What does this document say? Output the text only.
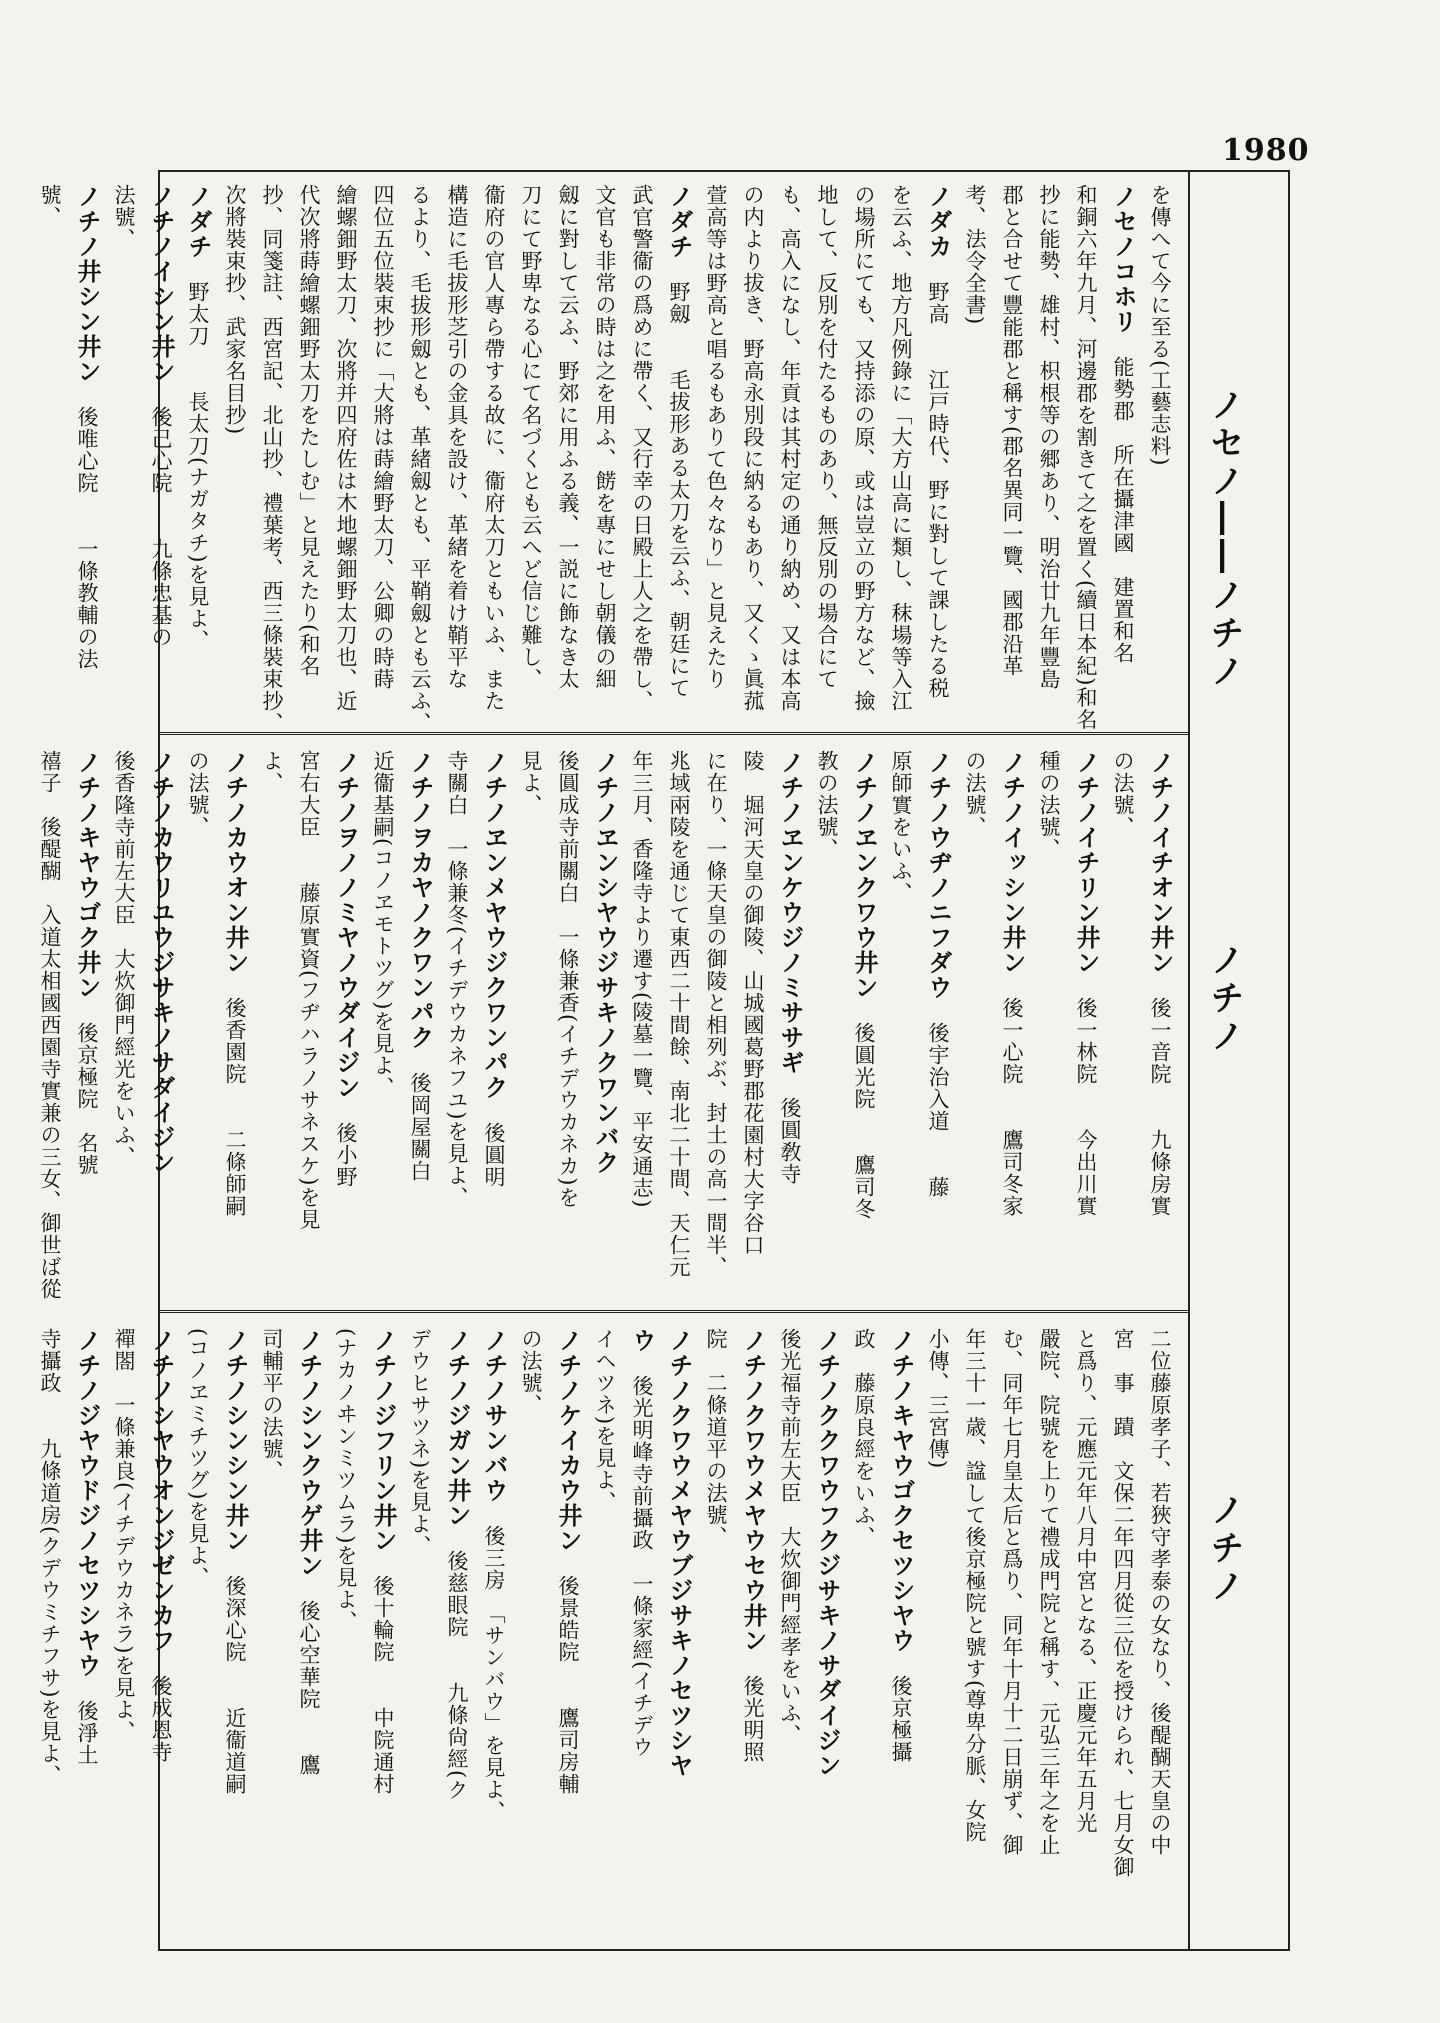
1980
を傳へて今に至る(工藝志料)
ノセノコホリ　能勢郡　所在攝津國　建置和名
和銅六年九月、河邊郡を割きて之を置く(續日本紀)和名
抄に能勢、雄村、枳根等の郷あり、明治廿九年豐島
郡と合せて豐能郡と稱す(郡名異同一覽、國郡沿革
考、法令全書)
ノダカ　野高　　江戸時代、野に對して課したる税
を云ふ、地方凡例錄に「大方山高に類し、秣場等入江
の場所にても、又持添の原、或は豈立の野方など、撿
地して、反別を付たるものあり、無反別の場合にて
も、高入になし、年貢は其村定の通り納め、又は本高
の内より拔き、野高永別段に納るもあり、又くゝ眞菰
萱高等は野高と唱るもありて色々なり」と見えたり
ノダチ　野劔　　毛拔形ある太刀を云ふ、朝廷にて
武官警衞の爲めに帶く、又行幸の日殿上人之を帶し、
文官も非常の時は之を用ふ、餝を專にせし朝儀の細
劔に對して云ふ、野郊に用ふる義、一説に飾なき太
刀にて野卑なる心にて名づくとも云へど信じ難し、
衞府の官人專ら帶する故に、衞府太刀ともいふ、また
構造に毛拔形芝引の金具を設け、革緒を着け鞘平な
るより、毛拔形劔とも、革緒劔とも、平鞘劔とも云ふ、
四位五位裝束抄に「大將は蒔繪野太刀、公卿の時蒔
繪螺鈿野太刀、次將并四府佐は木地螺鈿野太刀也、近
代次將蒔繪螺鈿野太刀をたしむ」と見えたり(和名
抄、同箋註、西宮記、北山抄、禮葉考、西三條裝束抄、
次將裝束抄、武家名目抄)
ノダチ　野太刀　　長太刀(ナガタチ)を見よ、
ノチノイシン井ン　後己心院　　九條忠基の
法號、
ノチノ井シン井ン　後唯心院　　一條教輔の法
號、
ノチノイチオン井ン　後一音院　　九條房實
の法號、
ノチノイチリン井ン　後一林院　　今出川實
種の法號、
ノチノイッシン井ン　後一心院　　鷹司冬家
の法號、
ノチノウヂノニフダウ　後宇治入道　　藤
原師實をいふ、
ノチノヱンクワウ井ン　後圓光院　　鷹司冬
教の法號、
ノチノヱンケウジノミササギ　後圓敎寺
陵　堀河天皇の御陵、山城國葛野郡花園村大字谷口
に在り、一條天皇の御陵と相列ぶ、封土の高一間半、
兆域兩陵を通じて東西二十間餘、南北二十間、天仁元
年三月、香隆寺より遷す(陵墓一覽、平安通志)
ノチノヱンシヤウジサキノクワンバク
後圓成寺前關白　一條兼香(イチデウカネカ)を
見よ、
ノチノヱンメヤウジクワンパク　後圓明
寺關白　一條兼冬(イチデウカネフユ)を見よ、
ノチノヲカヤノクワンパク　後岡屋關白
近衞基嗣(コノヱモトツグ)を見よ、
ノチノヲノノミヤノウダイジン　後小野
宮右大臣　　藤原實資(フヂハラノサネスケ)を見
よ、
ノチノカウオン井ン　後香園院　　二條師嗣
の法號、
ノチノカウリユウジサキノサダイジン
後香隆寺前左大臣　大炊御門經光をいふ、
ノチノキヤウゴク井ン　後京極院　名號
禧子　後醍醐　入道太相國西園寺實兼の三女、御世ば從
二位藤原孝子、若狹守孝泰の女なり、後醍醐天皇の中
宮　事　蹟　文保二年四月從三位を授けられ、七月女御
と爲り、元應元年八月中宮となる、正慶元年五月光
嚴院、院號を上りて禮成門院と稱す、元弘三年之を止
む、同年七月皇太后と爲り、同年十月十二日崩ず、御
年三十一歳、諡して後京極院と號す(尊卑分脈、女院
小傳、三宮傳)
ノチノキヤウゴクセツシヤウ　後京極攝
政　藤原良經をいふ、
ノチノククワウフクジサキノサダイジン
後光福寺前左大臣　大炊御門經孝をいふ、
ノチノクワウメヤウセウ井ン　後光明照
院　二條道平の法號、
ノチノクワウメヤウブジサキノセツシヤ
ウ　後光明峰寺前攝政　一條家經(イチデウ
イヘツネ)を見よ、
ノチノケイカウ井ン　後景皓院　　鷹司房輔
の法號、
ノチノサンバウ　後三房　「サンバウ」を見よ、
ノチノジガン井ン　後慈眼院　　九條尙經(ク
デウヒサツネ)を見よ、
ノチノジフリン井ン　後十輪院　　中院通村
(ナカノヰンミツムラ)を見よ、
ノチノシンクウゲ井ン　後心空華院　　鷹
司輔平の法號、
ノチノシンシン井ン　後深心院　　近衞道嗣
(コノヱミチツグ)を見よ、
ノチノシヤウオンジゼンカフ　後成恩寺
禪閤　一條兼良(イチデウカネラ)を見よ、
ノチノジヤウドジノセツシヤウ　後淨土
寺攝政　　九條道房(クデウミチフサ)を見よ、
ノセノ――ノチノ
ノチノ
ノチノ
